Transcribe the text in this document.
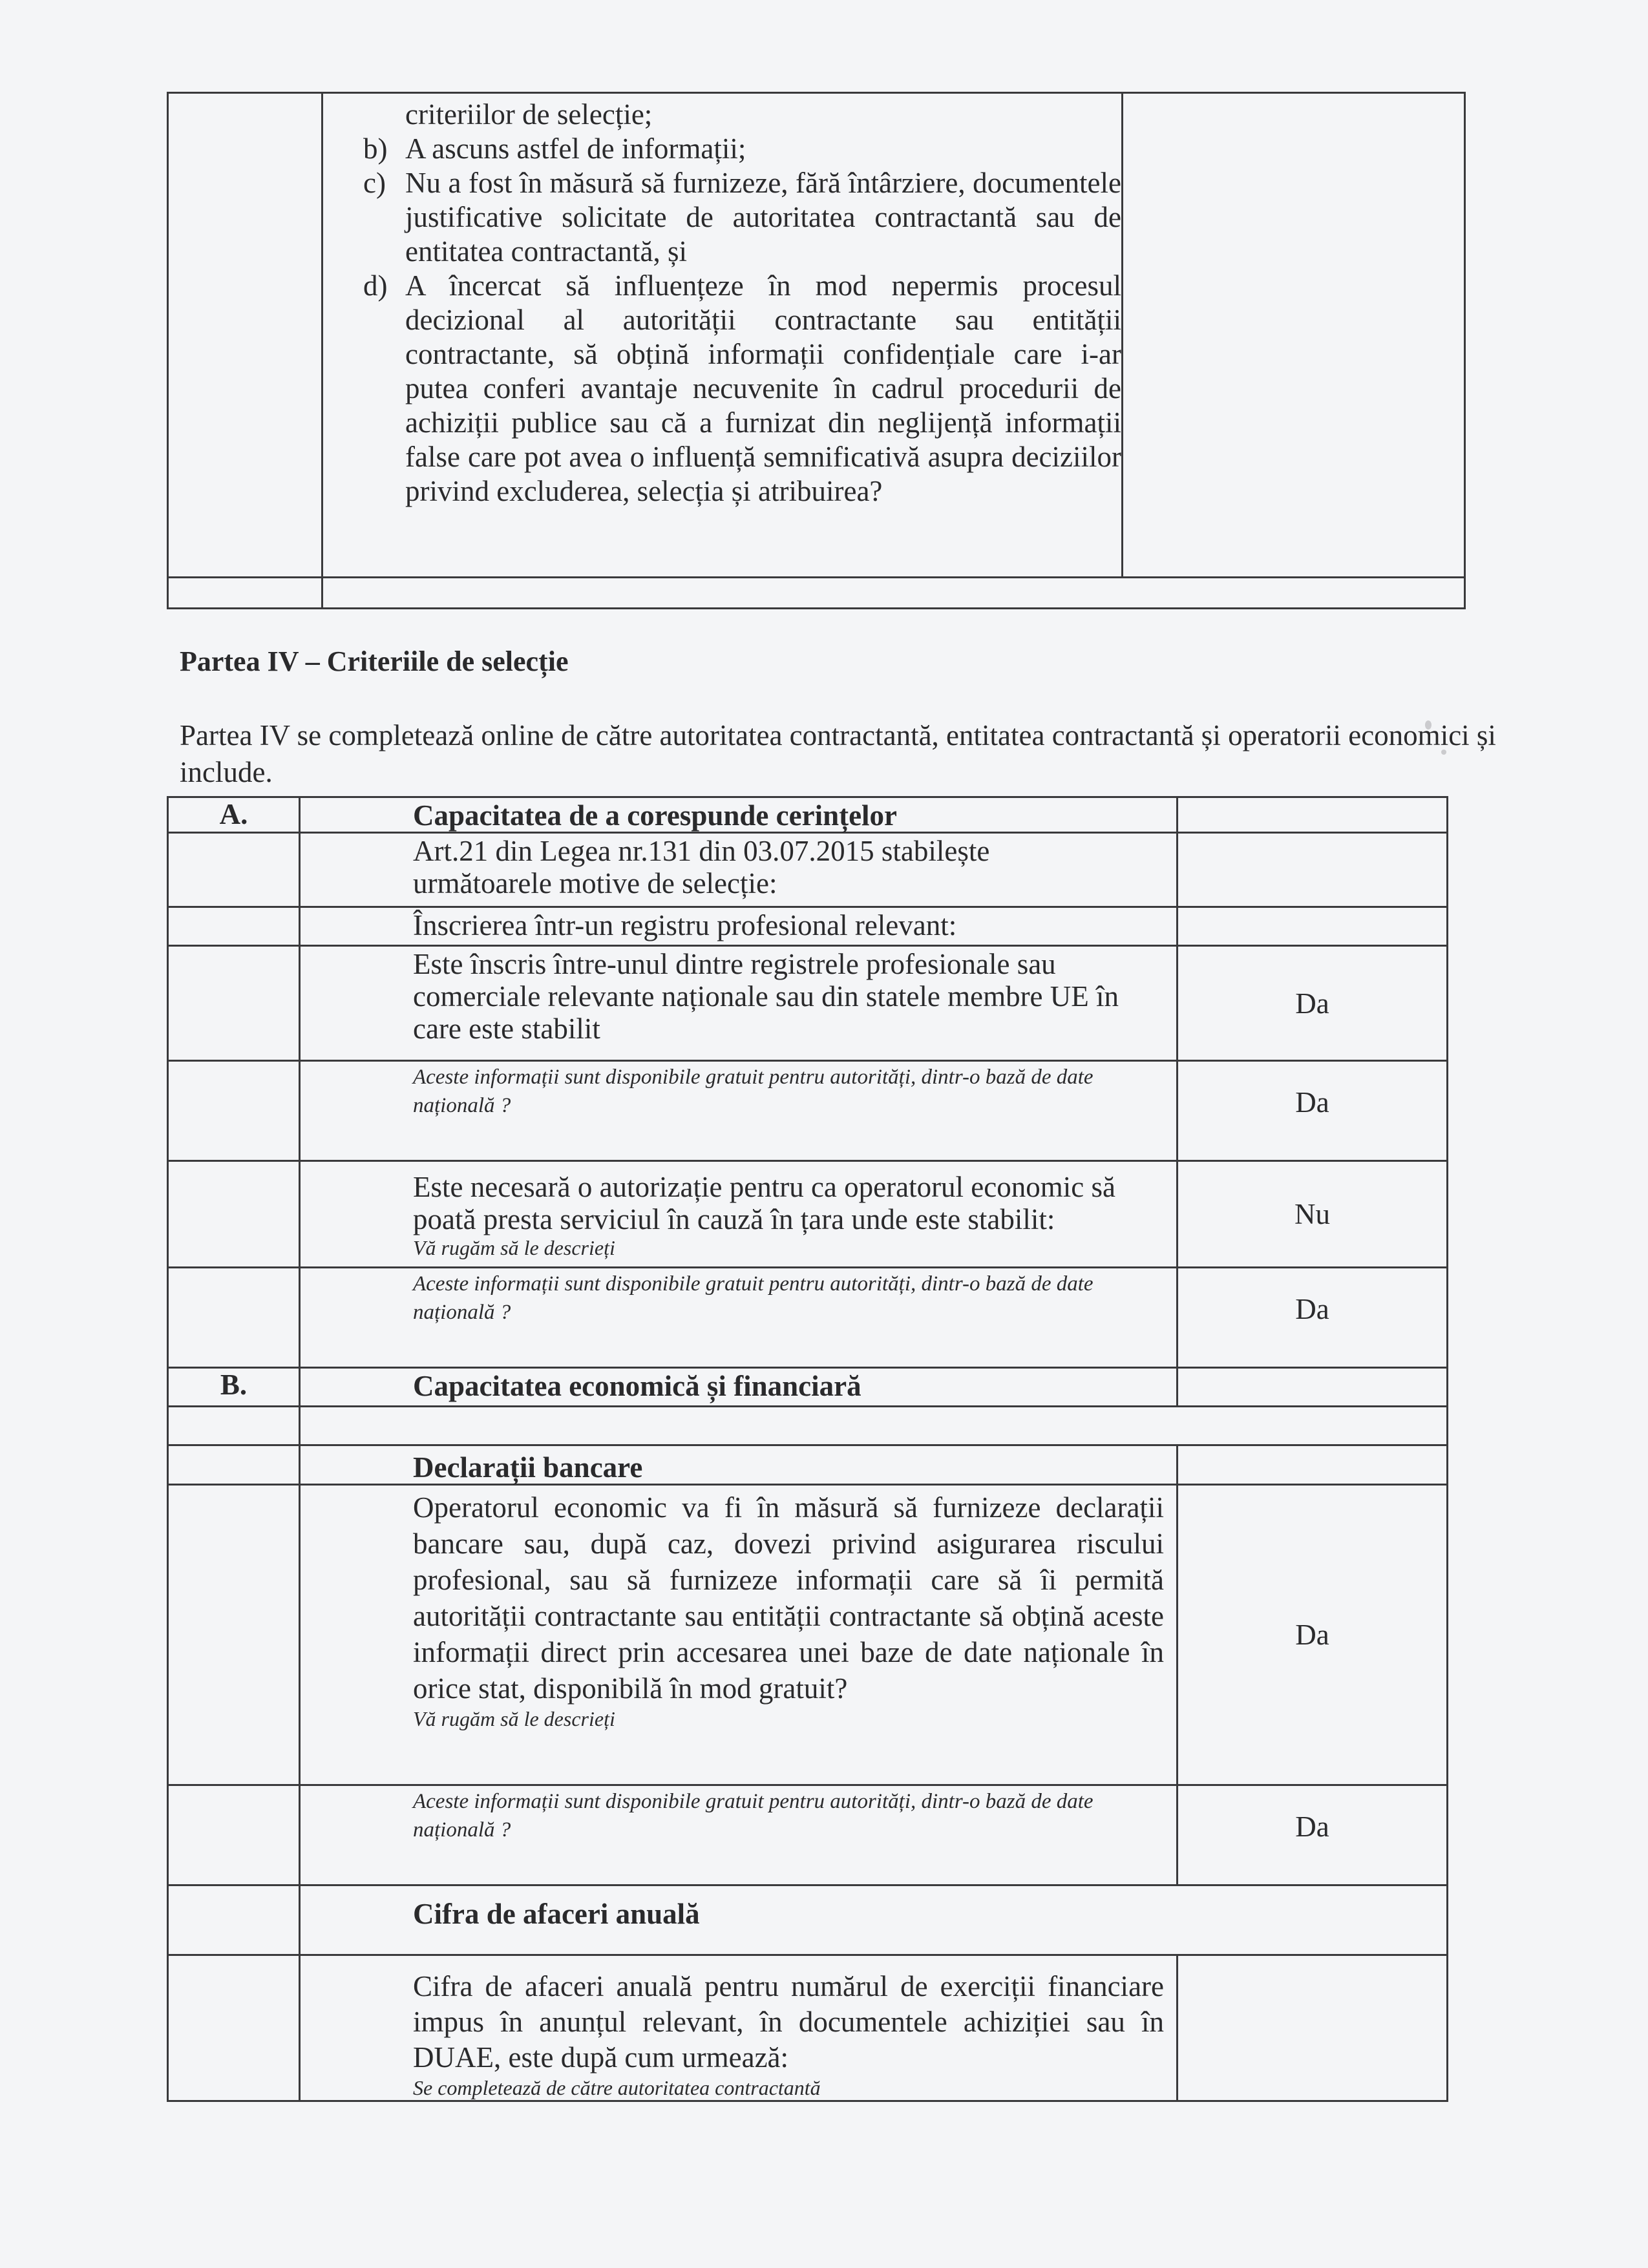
criteriilor de selecție;
b) A ascuns astfel de informații;
c) Nu a fost în măsură să furnizeze, fără întârziere, documentele justificative solicitate de autoritatea contractantă sau de entitatea contractantă, și
d) A încercat să influențeze în mod nepermis procesul decizional al autorității contractante sau entității contractante, să obțină informații confidențiale care i-ar putea conferi avantaje necuvenite în cadrul procedurii de achiziții publice sau că a furnizat din neglijență informații false care pot avea o influență semnificativă asupra deciziilor privind excluderea, selecția și atribuirea?

Partea IV – Criteriile de selecție
Partea IV se completează online de către autoritatea contractantă, entitatea contractantă și operatorii economici și include.
A.	Capacitatea de a corespunde cerințelor	

	Art.21 din Legea nr.131 din 03.07.2015 stabilește următoarele motive de selecție:	

	Înscrierea într-un registru profesional relevant:	

	Este înscris între-unul dintre registrele profesionale sau comerciale relevante naționale sau din statele membre UE în care este stabilit	Da

	Aceste informații sunt disponibile gratuit pentru autorități, dintr-o bază de date națională ?	Da

	Este necesară o autorizație pentru ca operatorul economic să poată presta serviciul în cauză în țara unde este stabilit:
Vă rugăm să le descrieți	Nu

	Aceste informații sunt disponibile gratuit pentru autorități, dintr-o bază de date națională ?	Da
B.	Capacitatea economică și financiară	

	Declarații bancare	

	Operatorul economic va fi în măsură să furnizeze declarații bancare sau, după caz, dovezi privind asigurarea riscului profesional, sau să furnizeze informații care să îi permită autorității contractante sau entității contractante să obțină aceste informații direct prin accesarea unei baze de date naționale în orice stat, disponibilă în mod gratuit?
Vă rugăm să le descrieți	Da

	Aceste informații sunt disponibile gratuit pentru autorități, dintr-o bază de date națională ?	Da
	Cifra de afaceri anuală	

	Cifra de afaceri anuală pentru numărul de exerciții financiare impus în anunțul relevant, în documentele achiziției sau în DUAE, este după cum urmează:
Se completează de către autoritatea contractantă	
